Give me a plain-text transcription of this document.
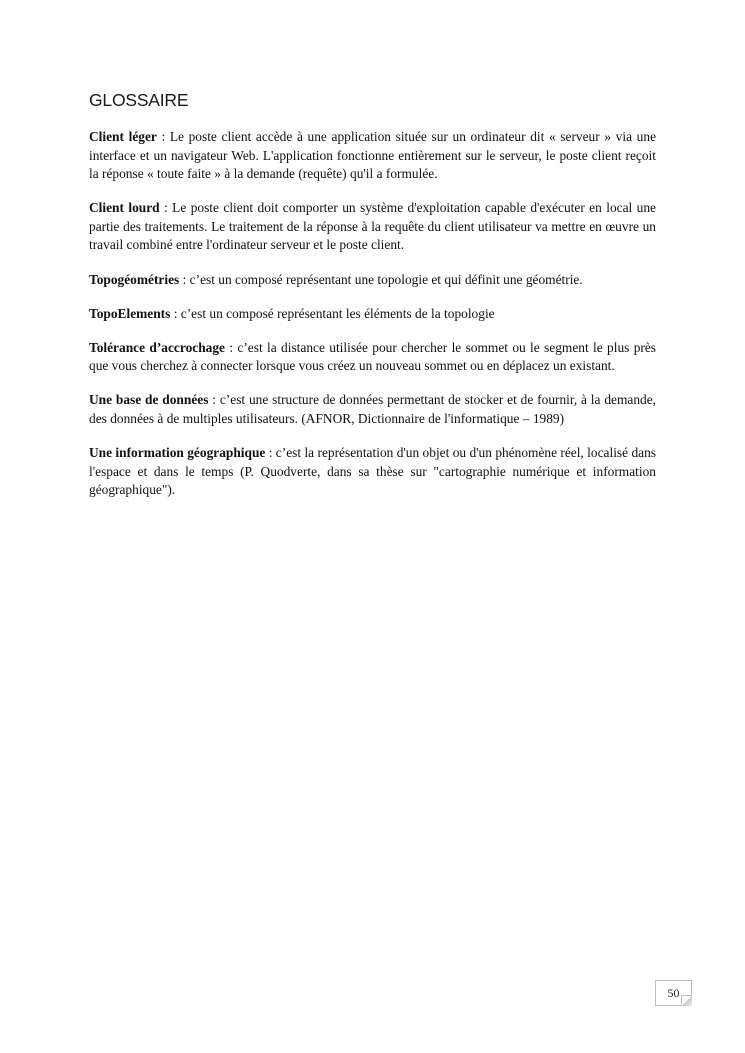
GLOSSAIRE

Client léger : Le poste client accède à une application située sur un ordinateur dit « serveur » via une interface et un navigateur Web. L'application fonctionne entièrement sur le serveur, le poste client reçoit la réponse « toute faite » à la demande (requête) qu'il a formulée.

Client lourd : Le poste client doit comporter un système d'exploitation capable d'exécuter en local une partie des traitements. Le traitement de la réponse à la requête du client utilisateur va mettre en œuvre un travail combiné entre l'ordinateur serveur et le poste client.

Topogéométries : c’est un composé représentant une topologie et qui définit une géométrie.

TopoElements : c’est un composé représentant les éléments de la topologie

Tolérance d’accrochage : c’est la distance utilisée pour chercher le sommet ou le segment le plus près que vous cherchez à connecter lorsque vous créez un nouveau sommet ou en déplacez un existant.

Une base de données : c’est une structure de données permettant de stocker et de fournir, à la demande, des données à de multiples utilisateurs. (AFNOR, Dictionnaire de l'informatique – 1989)

Une information géographique : c’est la représentation d'un objet ou d'un phénomène réel, localisé dans l'espace et dans le temps (P. Quodverte, dans sa thèse sur "cartographie numérique et information géographique").

50
